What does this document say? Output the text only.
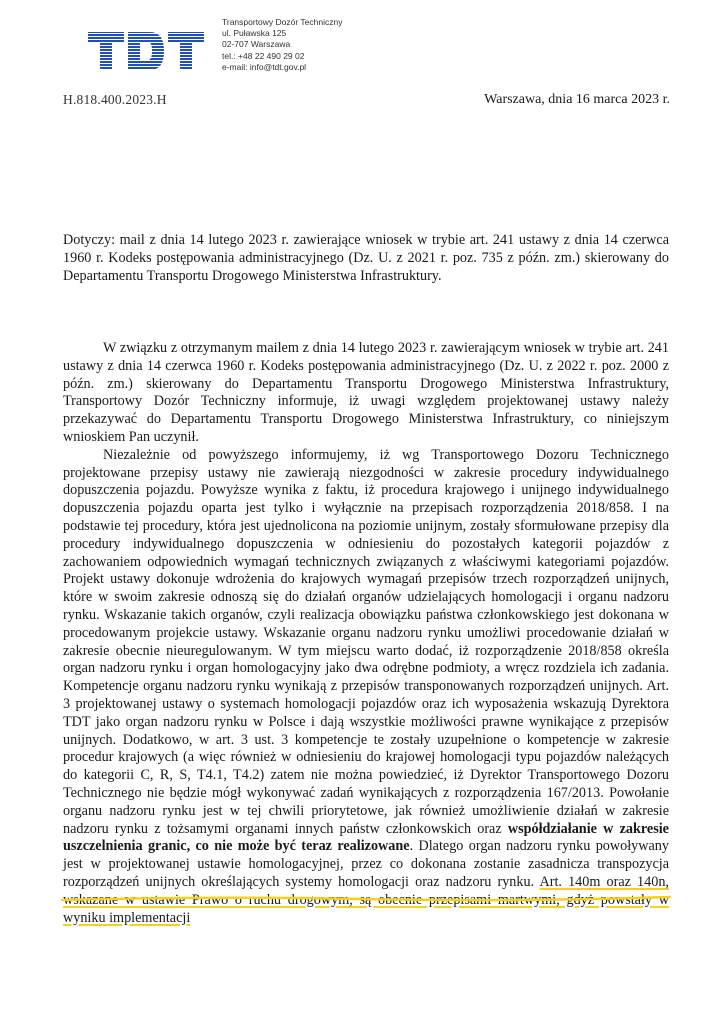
Transportowy Dozór Techniczny
ul. Puławska 125
02-707 Warszawa
tel.: +48 22 490 29 02
e-mail: info@tdt.gov.pl
H.818.400.2023.H	Warszawa, dnia 16 marca 2023 r.
Dotyczy: mail z dnia 14 lutego 2023 r. zawierające wniosek w trybie art. 241 ustawy z dnia 14 czerwca 1960 r. Kodeks postępowania administracyjnego (Dz. U. z 2021 r. poz. 735 z późn. zm.) skierowany do Departamentu Transportu Drogowego Ministerstwa Infrastruktury.

W związku z otrzymanym mailem z dnia 14 lutego 2023 r. zawierającym wniosek w trybie art. 241 ustawy z dnia 14 czerwca 1960 r. Kodeks postępowania administracyjnego (Dz. U. z 2022 r. poz. 2000 z późn. zm.) skierowany do Departamentu Transportu Drogowego Ministerstwa Infrastruktury, Transportowy Dozór Techniczny informuje, iż uwagi względem projektowanej ustawy należy przekazywać do Departamentu Transportu Drogowego Ministerstwa Infrastruktury, co niniejszym wnioskiem Pan uczynił.

Niezależnie od powyższego informujemy, iż wg Transportowego Dozoru Technicznego projektowane przepisy ustawy nie zawierają niezgodności w zakresie procedury indywidualnego dopuszczenia pojazdu. Powyższe wynika z faktu, iż procedura krajowego i unijnego indywidualnego dopuszczenia pojazdu oparta jest tylko i wyłącznie na przepisach rozporządzenia 2018/858. I na podstawie tej procedury, która jest ujednolicona na poziomie unijnym, zostały sformułowane przepisy dla procedury indywidualnego dopuszczenia w odniesieniu do pozostałych kategorii pojazdów z zachowaniem odpowiednich wymagań technicznych związanych z właściwymi kategoriami pojazdów. Projekt ustawy dokonuje wdrożenia do krajowych wymagań przepisów trzech rozporządzeń unijnych, które w swoim zakresie odnoszą się do działań organów udzielających homologacji i organu nadzoru rynku. Wskazanie takich organów, czyli realizacja obowiązku państwa członkowskiego jest dokonana w procedowanym projekcie ustawy. Wskazanie organu nadzoru rynku umożliwi procedowanie działań w zakresie obecnie nieuregulowanym. W tym miejscu warto dodać, iż rozporządzenie 2018/858 określa organ nadzoru rynku i organ homologacyjny jako dwa odrębne podmioty, a wręcz rozdziela ich zadania. Kompetencje organu nadzoru rynku wynikają z przepisów transponowanych rozporządzeń unijnych. Art. 3 projektowanej ustawy o systemach homologacji pojazdów oraz ich wyposażenia wskazują Dyrektora TDT jako organ nadzoru rynku w Polsce i dają wszystkie możliwości prawne wynikające z przepisów unijnych. Dodatkowo, w art. 3 ust. 3 kompetencje te zostały uzupełnione o kompetencje w zakresie procedur krajowych (a więc również w odniesieniu do krajowej homologacji typu pojazdów należących do kategorii C, R, S, T4.1, T4.2) zatem nie można powiedzieć, iż Dyrektor Transportowego Dozoru Technicznego nie będzie mógł wykonywać zadań wynikających z rozporządzenia 167/2013. Powołanie organu nadzoru rynku jest w tej chwili priorytetowe, jak również umożliwienie działań w zakresie nadzoru rynku z tożsamymi organami innych państw członkowskich oraz współdziałanie w zakresie uszczelnienia granic, co nie może być teraz realizowane. Dlatego organ nadzoru rynku powoływany jest w projektowanej ustawie homologacyjnej, przez co dokonana zostanie zasadnicza transpozycja rozporządzeń unijnych określających systemy homologacji oraz nadzoru rynku. Art. 140m oraz 140n, wskazane w ustawie Prawo o ruchu drogowym, są obecnie przepisami martwymi, gdyż powstały w wyniku implementacji
